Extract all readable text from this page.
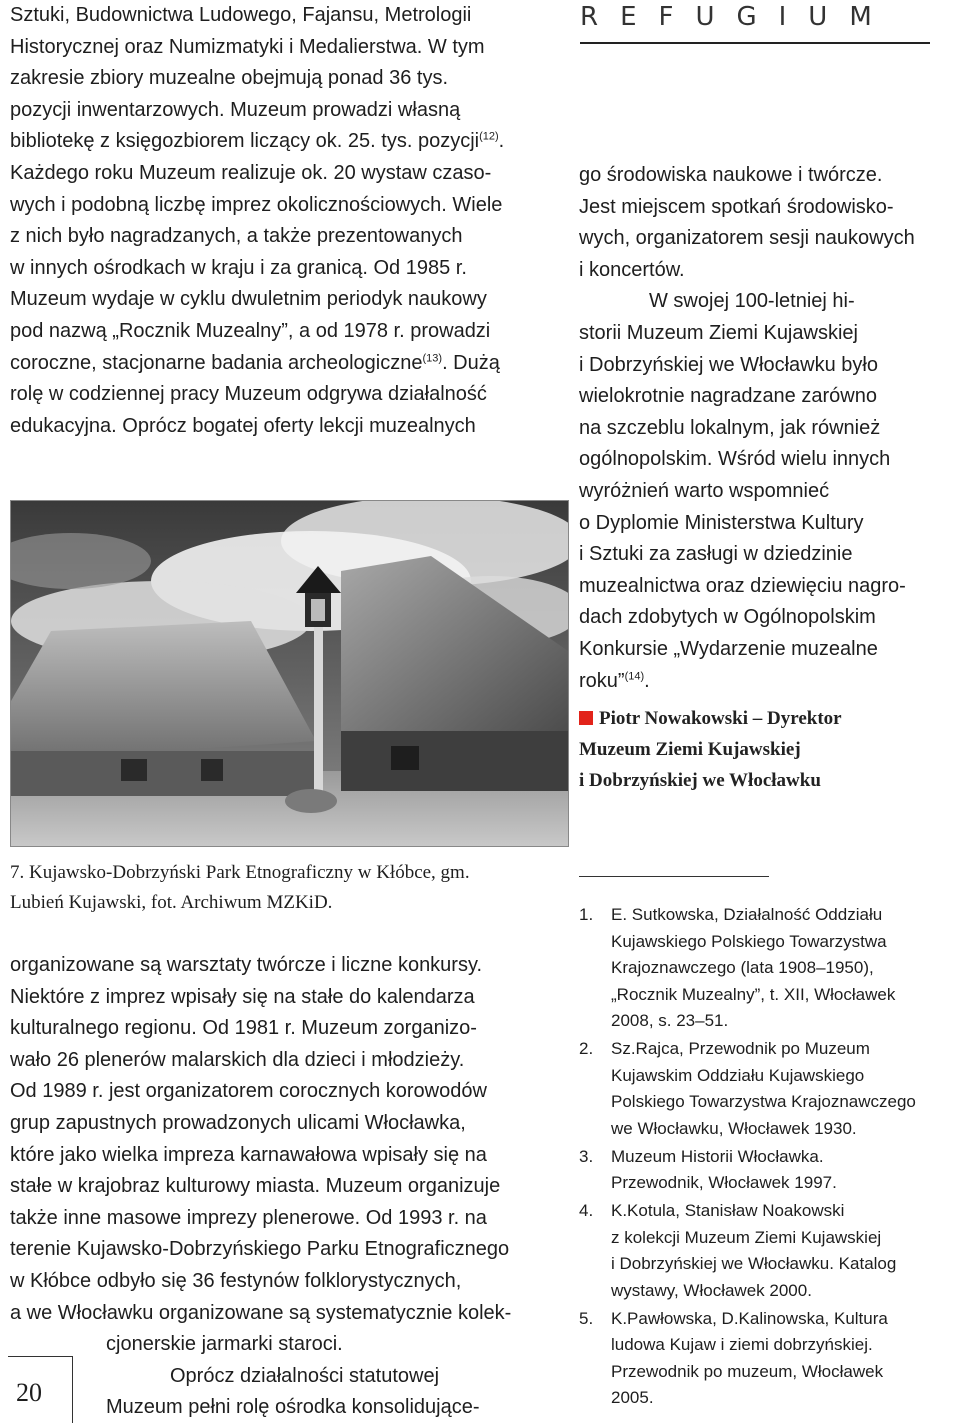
REFUGIUM

Sztuki, Budownictwa Ludowego, Fajansu, Metrologii

Historycznej oraz Numizmatyki i Medalierstwa. W tym

zakresie zbiory muzealne obejmują ponad 36 tys.

pozycji inwentarzowych. Muzeum prowadzi własną

bibliotekę z księgozbiorem liczący ok. 25. tys. pozycji$^{(12)}$.

Każdego roku Muzeum realizuje ok. 20 wystaw czaso-

wych i podobną liczbę imprez okolicznościowych. Wiele

z nich było nagradzanych, a także prezentowanych

w innych ośrodkach w kraju i za granicą. Od 1985 r.

Muzeum wydaje w cyklu dwuletnim periodyk naukowy

pod nazwą „Rocznik Muzealny”, a od 1978 r. prowadzi

coroczne, stacjonarne badania archeologiczne$^{(13)}$. Dużą

rolę w codziennej pracy Muzeum odgrywa działalność

edukacyjna. Oprócz bogatej oferty lekcji muzealnych

7. Kujawsko-Dobrzyński Park Etnograficzny w Kłóbce, gm.
Lubień Kujawski, fot. Archiwum MZKiD.

organizowane są warsztaty twórcze i liczne konkursy.

Niektóre z imprez wpisały się na stałe do kalendarza

kulturalnego regionu. Od 1981 r. Muzeum zorganizo-

wało 26 plenerów malarskich dla dzieci i młodzieży.

Od 1989 r. jest organizatorem corocznych korowodów

grup zapustnych prowadzonych ulicami Włocławka,

które jako wielka impreza karnawałowa wpisały się na

stałe w krajobraz kulturowy miasta. Muzeum organizuje

także inne masowe imprezy plenerowe. Od 1993 r. na

terenie Kujawsko-Dobrzyńskiego Parku Etnograficznego

w Kłóbce odbyło się 36 festynów folklorystycznych,

a we Włocławku organizowane są systematycznie kolek-

cjonerskie jarmarki staroci.

Oprócz działalności statutowej

Muzeum pełni rolę ośrodka konsolidujące-

20

go środowiska naukowe i twórcze.

Jest miejscem spotkań środowisko-

wych, organizatorem sesji naukowych

i koncertów.

W swojej 100-letniej hi-

storii Muzeum Ziemi Kujawskiej

i Dobrzyńskiej we Włocławku było

wielokrotnie nagradzane zarówno

na szczeblu lokalnym, jak również

ogólnopolskim. Wśród wielu innych

wyróżnień warto wspomnieć

o Dyplomie Ministerstwa Kultury

i Sztuki za zasługi w dziedzinie

muzealnictwa oraz dziewięciu nagro-

dach zdobytych w Ogólnopolskim

Konkursie „Wydarzenie muzealne

roku”$^{(14)}$.

Piotr Nowakowski – Dyrektor
Muzeum Ziemi Kujawskiej
i Dobrzyńskiej we Włocławku
1.	E. Sutkowska, Działalność Oddziału
Kujawskiego Polskiego Towarzystwa
Krajoznawczego (lata 1908–1950),
„Rocznik Muzealny”, t. XII, Włocławek
2008, s. 23–51.
2.	Sz.Rajca, Przewodnik po Muzeum
Kujawskim Oddziału Kujawskiego
Polskiego Towarzystwa Krajoznawczego
we Włocławku, Włocławek 1930.
3.	Muzeum Historii Włocławka.
Przewodnik, Włocławek 1997.
4.	K.Kotula, Stanisław Noakowski
z kolekcji Muzeum Ziemi Kujawskiej
i Dobrzyńskiej we Włocławku. Katalog
wystawy, Włocławek 2000.
5.	K.Pawłowska, D.Kalinowska, Kultura
ludowa Kujaw i ziemi dobrzyńskiej.
Przewodnik po muzeum, Włocławek
2005.
